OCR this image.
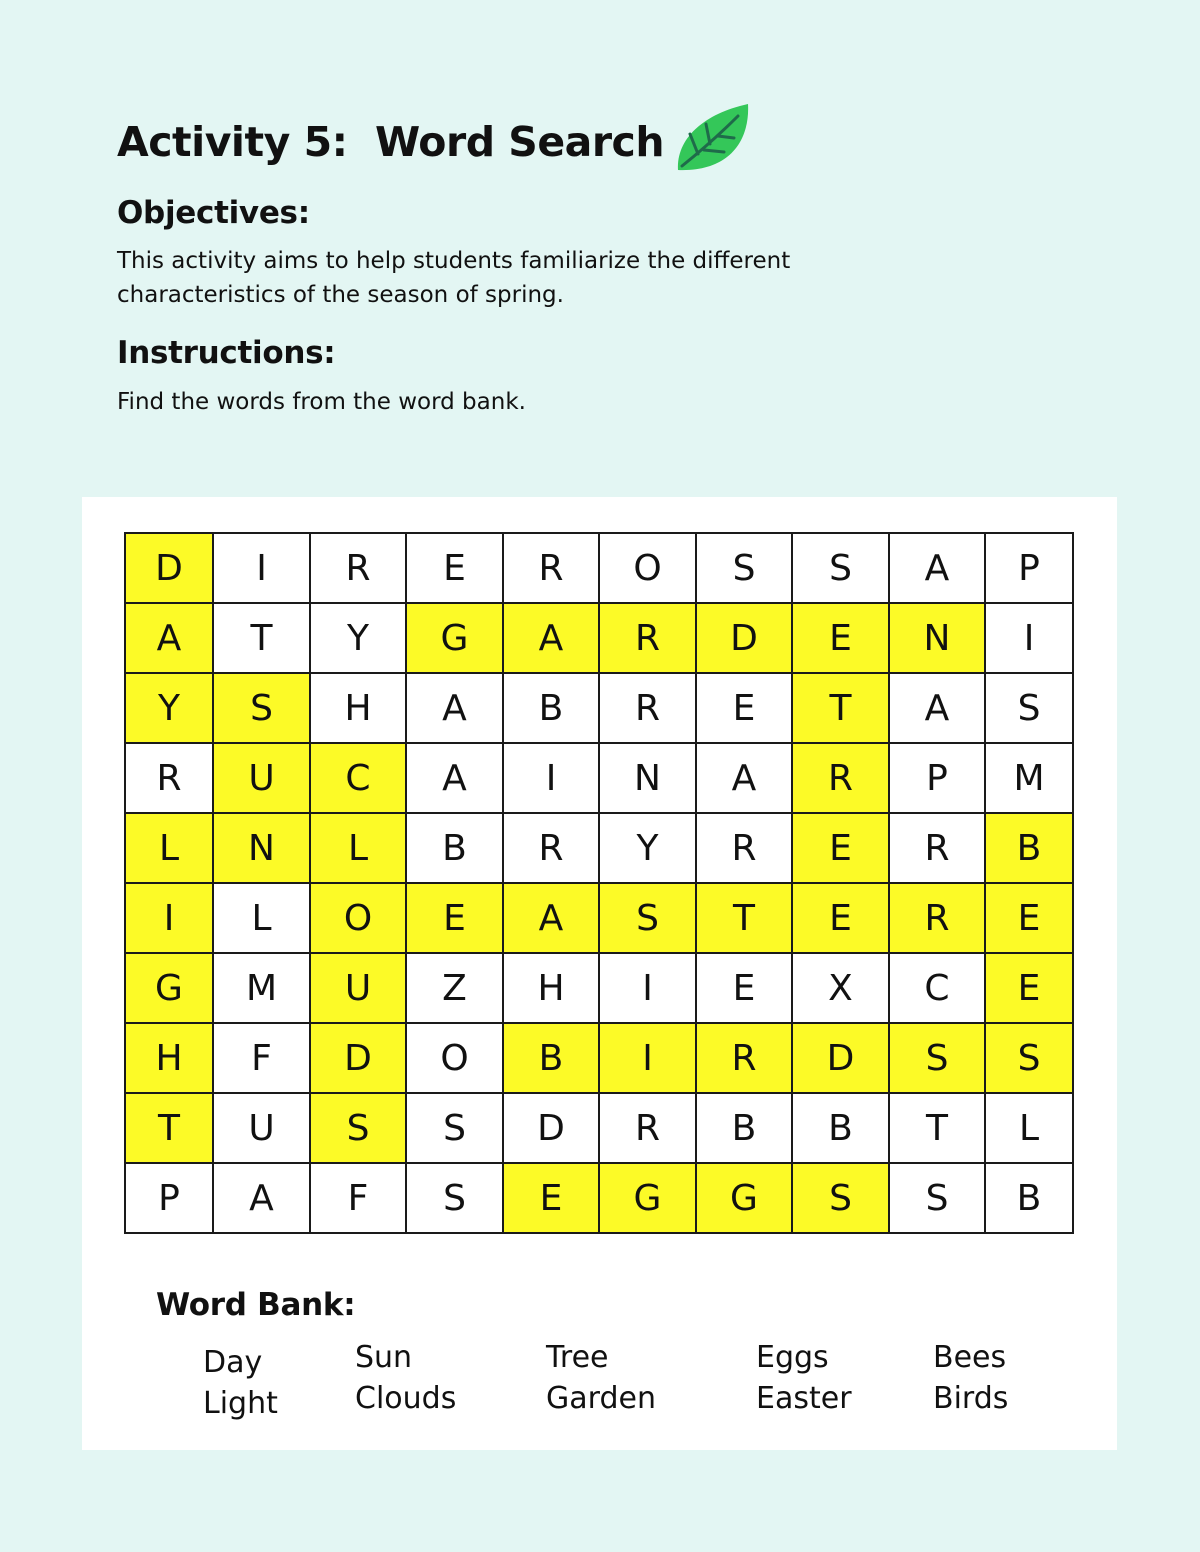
Activity 5:  Word Search
Objectives:

This activity aims to help students familiarize the different characteristics of the season of spring.

Instructions:

Find the words from the word bank.

D	I	R	E	R	O	S	S	A	P
A	T	Y	G	A	R	D	E	N	I
Y	S	H	A	B	R	E	T	A	S
R	U	C	A	I	N	A	R	P	M
L	N	L	B	R	Y	R	E	R	B
I	L	O	E	A	S	T	E	R	E
G	M	U	Z	H	I	E	X	C	E
H	F	D	O	B	I	R	D	S	S
T	U	S	S	D	R	B	B	T	L
P	A	F	S	E	G	G	S	S	B
Word Bank:
Day
Light
Sun
Clouds
Tree
Garden
Eggs
Easter
Bees
Birds
